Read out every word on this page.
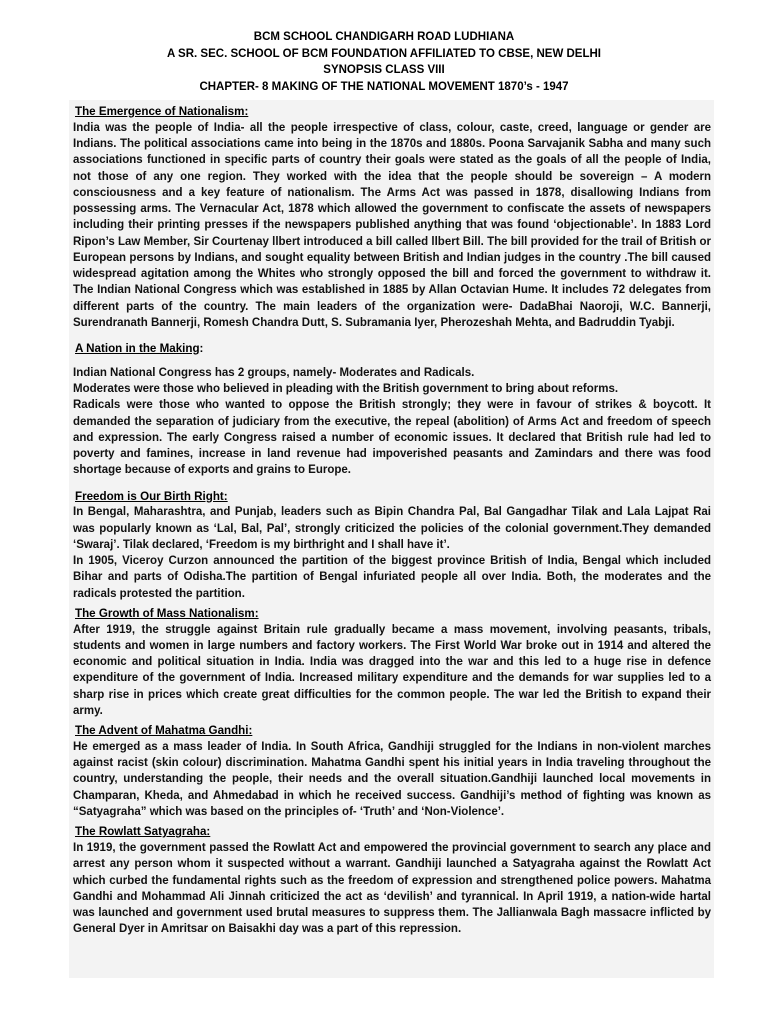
BCM SCHOOL CHANDIGARH ROAD LUDHIANA
A SR. SEC. SCHOOL OF BCM FOUNDATION AFFILIATED TO CBSE, NEW DELHI
SYNOPSIS CLASS VIII
CHAPTER- 8 MAKING OF THE NATIONAL MOVEMENT 1870’s - 1947
The Emergence of Nationalism:
India was the people of India- all the people irrespective of class, colour, caste, creed, language or gender are Indians. The political associations came into being in the 1870s and 1880s. Poona Sarvajanik Sabha and many such associations functioned in specific parts of country their goals were stated as the goals of all the people of India, not those of any one region. They worked with the idea that the people should be sovereign – A modern consciousness and a key feature of nationalism. The Arms Act was passed in 1878, disallowing Indians from possessing arms. The Vernacular Act, 1878 which allowed the government to confiscate the assets of newspapers including their printing presses if the newspapers published anything that was found ‘objectionable’. In 1883 Lord Ripon’s Law Member, Sir Courtenay llbert introduced a bill called llbert Bill. The bill provided for the trail of British or European persons by Indians, and sought equality between British and Indian judges in the country .The bill caused widespread agitation among the Whites who strongly opposed the bill and forced the government to withdraw it. The Indian National Congress which was established in 1885 by Allan Octavian Hume. It includes 72 delegates from different parts of the country. The main leaders of the organization were- DadaBhai Naoroji, W.C. Bannerji, Surendranath Bannerji, Romesh Chandra Dutt, S. Subramania Iyer, Pherozeshah Mehta, and Badruddin Tyabji.
A Nation in the Making:
Indian National Congress has 2 groups, namely- Moderates and Radicals.
Moderates were those who believed in pleading with the British government to bring about reforms.
Radicals were those who wanted to oppose the British strongly; they were in favour of strikes & boycott. It demanded the separation of judiciary from the executive, the repeal (abolition) of Arms Act and freedom of speech and expression. The early Congress raised a number of economic issues. It declared that British rule had led to poverty and famines, increase in land revenue had impoverished peasants and Zamindars and there was food shortage because of exports and grains to Europe.
Freedom is Our Birth Right:
In Bengal, Maharashtra, and Punjab, leaders such as Bipin Chandra Pal, Bal Gangadhar Tilak and Lala Lajpat Rai was popularly known as ‘Lal, Bal, Pal’, strongly criticized the policies of the colonial government.They demanded ‘Swaraj’. Tilak declared, ‘Freedom is my birthright and I shall have it’.
In 1905, Viceroy Curzon announced the partition of the biggest province British of India, Bengal which included Bihar and parts of Odisha.The partition of Bengal infuriated people all over India. Both, the moderates and the radicals protested the partition.
The Growth of Mass Nationalism:
After 1919, the struggle against Britain rule gradually became a mass movement, involving peasants, tribals, students and women in large numbers and factory workers. The First World War broke out in 1914 and altered the economic and political situation in India. India was dragged into the war and this led to a huge rise in defence expenditure of the government of India. Increased military expenditure and the demands for war supplies led to a sharp rise in prices which create great difficulties for the common people. The war led the British to expand their army.
The Advent of Mahatma Gandhi:
He emerged as a mass leader of India. In South Africa, Gandhiji struggled for the Indians in non-violent marches against racist (skin colour) discrimination. Mahatma Gandhi spent his initial years in India traveling throughout the country, understanding the people, their needs and the overall situation.Gandhiji launched local movements in Champaran, Kheda, and Ahmedabad in which he received success. Gandhiji’s method of fighting was known as “Satyagraha” which was based on the principles of- ‘Truth’ and ‘Non-Violence’.
The Rowlatt Satyagraha:
In 1919, the government passed the Rowlatt Act and empowered the provincial government to search any place and arrest any person whom it suspected without a warrant. Gandhiji launched a Satyagraha against the Rowlatt Act which curbed the fundamental rights such as the freedom of expression and strengthened police powers. Mahatma Gandhi and Mohammad Ali Jinnah criticized the act as ‘devilish’ and tyrannical. In April 1919, a nation-wide hartal was launched and government used brutal measures to suppress them. The Jallianwala Bagh massacre inflicted by General Dyer in Amritsar on Baisakhi day was a part of this repression.
